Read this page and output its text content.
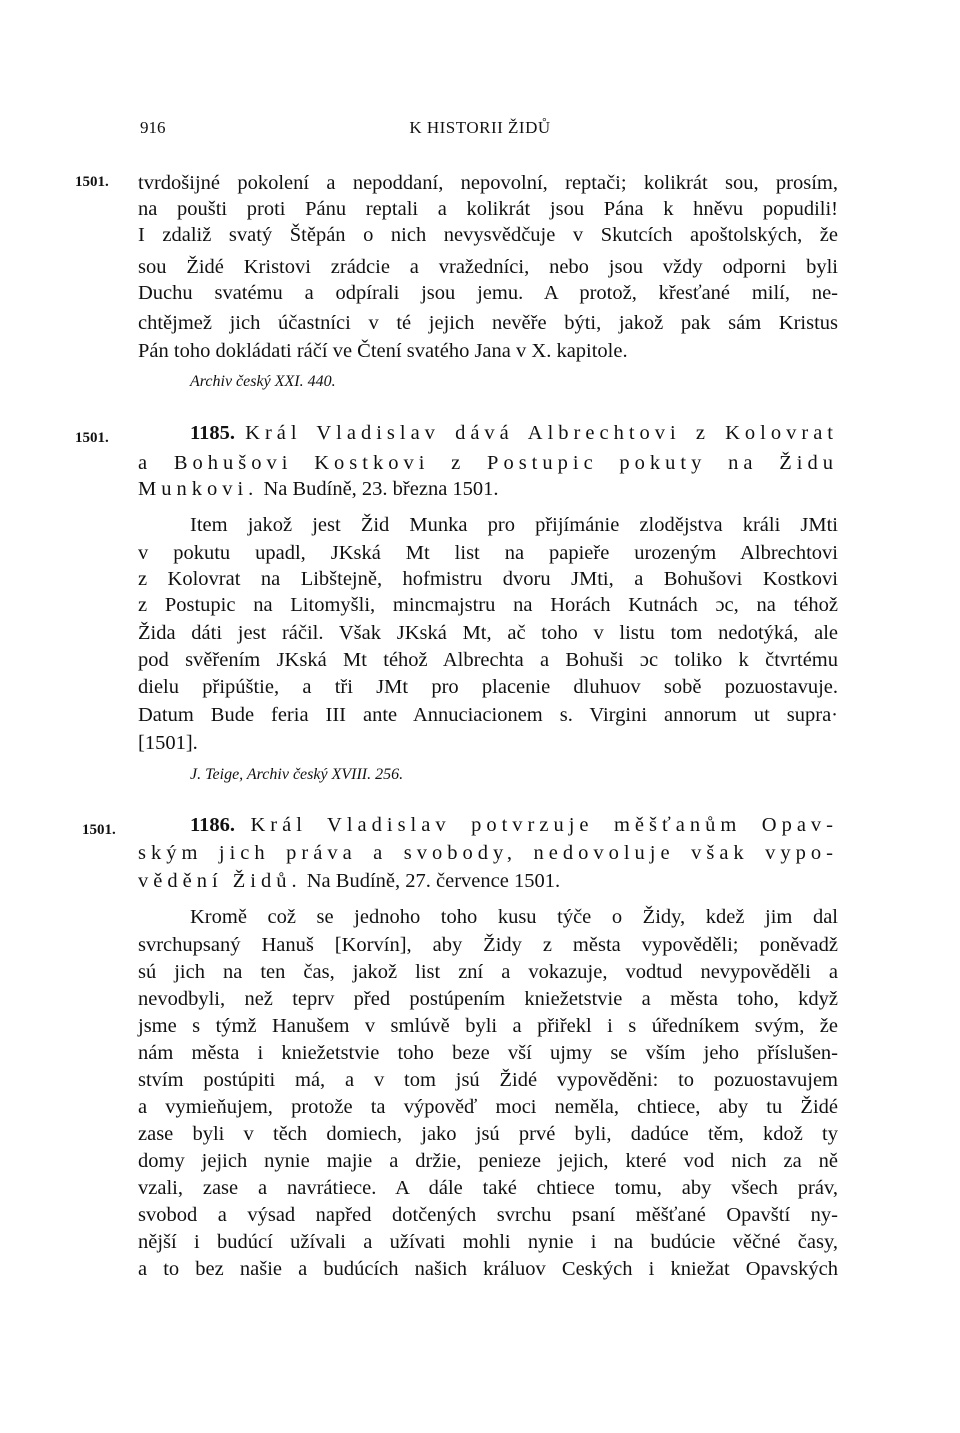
916	K HISTORII ŽIDŮ
1501. tvrdošijné pokolení a nepoddaní, nepovolní, reptači; kolikrát sou, prosím,
na poušti proti Pánu reptali a kolikrát jsou Pána k hněvu popudili!
I zdaliž svatý Štěpán o nich nevysvědčuje v Skutcích apoštolských, že
sou Židé Kristovi zrádcie a vražedníci, nebo jsou vždy odporni byli
Duchu svatému a odpírali jsou jemu. A protož, křesťané milí, ne-
chtějmež jich účastníci v té jejich nevěře býti, jakož pak sám Kristus
Pán toho dokládati ráčí ve Čtení svatého Jana v X. kapitole.
Archiv český XXI. 440.
1501.	1185. Král Vladislav dává Albrechtovi z Kolovrat
a Bohušovi Kostkovi z Postupic pokuty na Židu
Munkovi. Na Budíně, 23. března 1501.
Item jakož jest Žid Munka pro přijímánie zlodějstva králi JMti
v pokutu upadl, JKská Mt list na papieře urozeným Albrechtovi
z Kolovrat na Libštejně, hofmistru dvoru JMti, a Bohušovi Kostkovi
z Postupic na Litomyšli, mincmajstru na Horách Kutnách ɔc, na téhož
Žida dáti jest ráčil. Však JKská Mt, ač toho v listu tom nedotýká, ale
pod svěřením JKská Mt téhož Albrechta a Bohuši ɔc toliko k čtvrtému
dielu připúštie, a tři JMt pro placenie dluhuov sobě pozuostavuje.
Datum Bude feria III ante Annuciacionem s. Virgini annorum ut supra·
[1501].
J. Teige, Archiv český XVIII. 256.
1501.	1186. Král Vladislav potvrzuje měšťanům Opav-
ským jich práva a svobody, nedovoluje však vypo-
vědění Židů. Na Budíně, 27. července 1501.
Kromě což se jednoho toho kusu týče o Židy, kdež jim dal
svrchupsaný Hanuš [Korvín], aby Židy z města vypověděli; poněvadž
sú jich na ten čas, jakož list zní a vokazuje, vodtud nevypověděli a
nevodbyli, než teprv před postúpením kniežetstvie a města toho, když
jsme s týmž Hanušem v smlúvě byli a přiřekl i s úředníkem svým, že
nám města i kniežetstvie toho beze vší ujmy se vším jeho příslušen-
stvím postúpiti má, a v tom jsú Židé vypověděni: to pozuostavujem
a vymieňujem, protože ta výpověď moci neměla, chtiece, aby tu Židé
zase byli v těch domiech, jako jsú prvé byli, dadúce těm, kdož ty
domy jejich nynie majie a držie, penieze jejich, které vod nich za ně
vzali, zase a navrátiece. A dále také chtiece tomu, aby všech práv,
svobod a výsad napřed dotčených svrchu psaní měšťané Opavští ny-
nější i budúcí užívali a užívati mohli nynie i na budúcie věčné časy,
a to bez našie a budúcích našich králuov Ceských i kniežat Opavských
